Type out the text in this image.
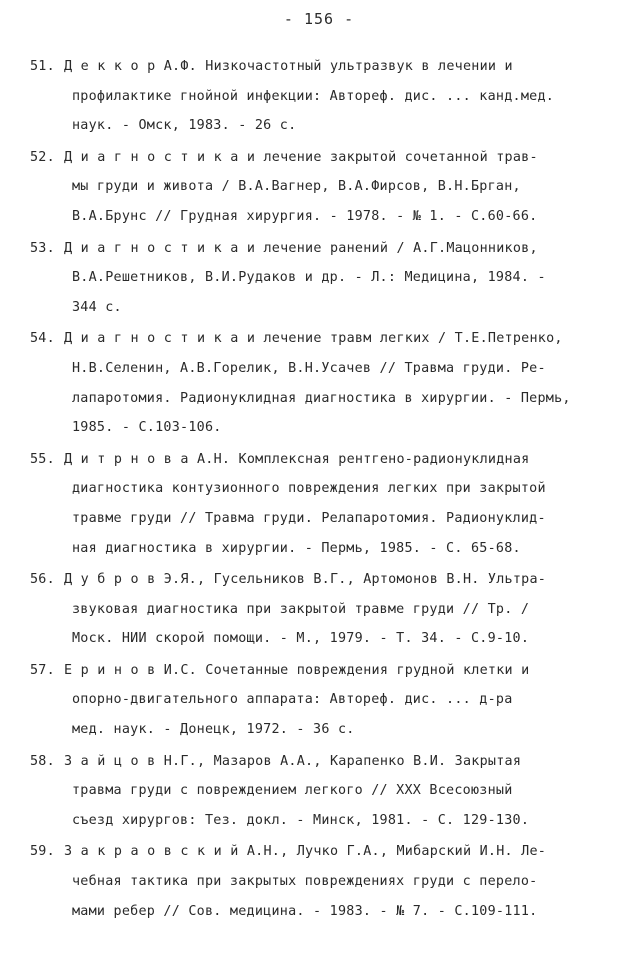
- 156 -
51. Д е к к о р А.Ф. Низкочастотный ультразвук в лечении и
профилактике гнойной инфекции: Автореф. дис. ... канд.мед.
наук. - Омск, 1983. - 26 с.
52. Д и а г н о с т и к а и лечение закрытой сочетанной трав-
мы груди и живота / В.А.Вагнер, В.А.Фирсов, В.Н.Брган,
В.А.Брунс // Грудная хирургия. - 1978. - № 1. - С.60-66.
53. Д и а г н о с т и к а и лечение ранений / А.Г.Мацонников,
В.А.Решетников, В.И.Рудаков и др. - Л.: Медицина, 1984. -
344 с.
54. Д и а г н о с т и к а и лечение травм легких / Т.Е.Петренко,
Н.В.Селенин, А.В.Горелик, В.Н.Усачев // Травма груди. Ре-
лапаротомия. Радионуклидная диагностика в хирургии. - Пермь,
1985. - С.103-106.
55. Д и т р н о в а А.Н. Комплексная рентгено-радионуклидная
диагностика контузионного повреждения легких при закрытой
травме груди // Травма груди. Релапаротомия. Радионуклид-
ная диагностика в хирургии. - Пермь, 1985. - С. 65-68.
56. Д у б р о в Э.Я., Гусельников В.Г., Артомонов В.Н. Ультра-
звуковая диагностика при закрытой травме груди // Тр. /
Моск. НИИ скорой помощи. - М., 1979. - Т. 34. - С.9-10.
57. Е р и н о в И.С. Сочетанные повреждения грудной клетки и
опорно-двигательного аппарата: Автореф. дис. ... д-ра
мед. наук. - Донецк, 1972. - 36 с.
58. З а й ц о в Н.Г., Мазаров А.А., Карапенко В.И. Закрытая
травма груди с повреждением легкого // XXX Всесоюзный
съезд хирургов: Тез. докл. - Минск, 1981. - С. 129-130.
59. З а к р а о в с к и й А.Н., Лучко Г.А., Мибарский И.Н. Ле-
чебная тактика при закрытых повреждениях груди с перело-
мами ребер // Сов. медицина. - 1983. - № 7. - С.109-111.
